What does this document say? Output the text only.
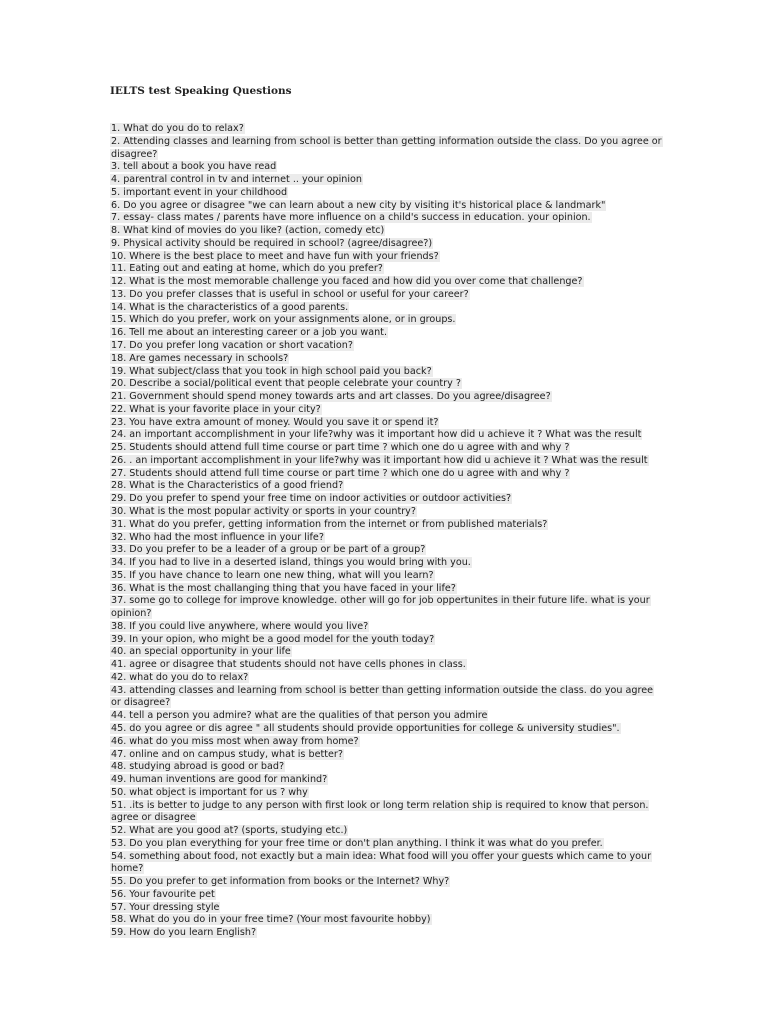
IELTS test Speaking Questions
1. What do you do to relax?
2. Attending classes and learning from school is better than getting information outside the class. Do you agree or disagree?
3. tell about a book you have read
4. parentral control in tv and internet .. your opinion
5. important event in your childhood
6. Do you agree or disagree "we can learn about a new city by visiting it's historical place & landmark"
7. essay- class mates / parents have more influence on a child's success in education. your opinion.
8. What kind of movies do you like? (action, comedy etc)
9. Physical activity should be required in school? (agree/disagree?)
10. Where is the best place to meet and have fun with your friends?
11. Eating out and eating at home, which do you prefer?
12. What is the most memorable challenge you faced and how did you over come that challenge?
13. Do you prefer classes that is useful in school or useful for your career?
14. What is the characteristics of a good parents.
15. Which do you prefer, work on your assignments alone, or in groups.
16. Tell me about an interesting career or a job you want.
17. Do you prefer long vacation or short vacation?
18. Are games necessary in schools?
19. What subject/class that you took in high school paid you back?
20. Describe a social/political event that people celebrate your country ?
21. Government should spend money towards arts and art classes. Do you agree/disagree?
22. What is your favorite place in your city?
23. You have extra amount of money. Would you save it or spend it?
24. an important accomplishment in your life?why was it important how did u achieve it ? What was the result
25. Students should attend full time course or part time ? which one do u agree with and why ?
26. . an important accomplishment in your life?why was it important how did u achieve it ? What was the result
27. Students should attend full time course or part time ? which one do u agree with and why ?
28. What is the Characteristics of a good friend?
29. Do you prefer to spend your free time on indoor activities or outdoor activities?
30. What is the most popular activity or sports in your country?
31. What do you prefer, getting information from the internet or from published materials?
32. Who had the most influence in your life?
33. Do you prefer to be a leader of a group or be part of a group?
34. If you had to live in a deserted island, things you would bring with you.
35. If you have chance to learn one new thing, what will you learn?
36. What is the most challanging thing that you have faced in your life?
37. some go to college for improve knowledge. other will go for job oppertunites in their future life. what is your opinion?
38. If you could live anywhere, where would you live?
39. In your opion, who might be a good model for the youth today?
40. an special opportunity in your life
41. agree or disagree that students should not have cells phones in class.
42. what do you do to relax?
43. attending classes and learning from school is better than getting information outside the class. do you agree or disagree?
44. tell a person you admire? what are the qualities of that person you admire
45. do you agree or dis agree " all students should provide opportunities for college & university studies".
46. what do you miss most when away from home?
47. online and on campus study, what is better?
48. studying abroad is good or bad?
49. human inventions are good for mankind?
50. what object is important for us ? why
51. .its is better to judge to any person with first look or long term relation ship is required to know that person. agree or disagree
52. What are you good at? (sports, studying etc.)
53. Do you plan everything for your free time or don't plan anything. I think it was what do you prefer.
54. something about food, not exactly but a main idea: What food will you offer your guests which came to your home?
55. Do you prefer to get information from books or the Internet? Why?
56. Your favourite pet
57. Your dressing style
58. What do you do in your free time? (Your most favourite hobby)
59. How do you learn English?
